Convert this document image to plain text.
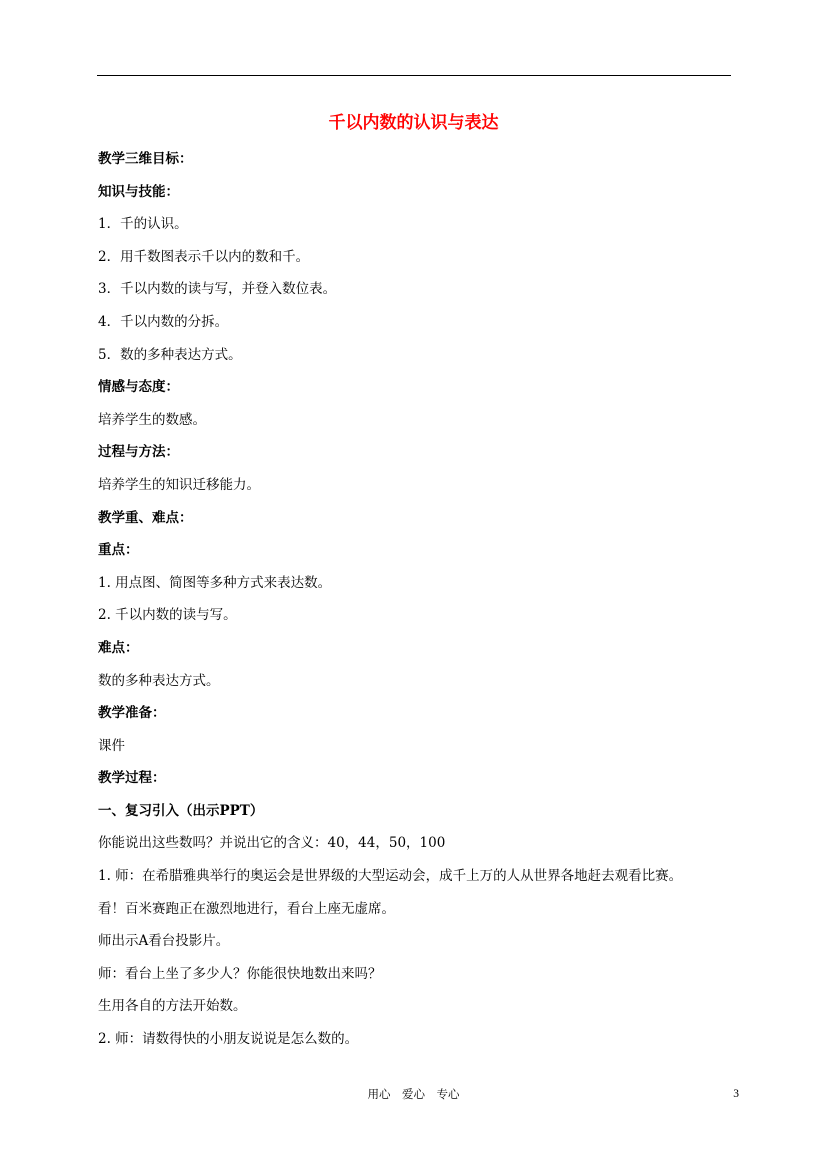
千以内数的认识与表达
教学三维目标：
知识与技能：
1．千的认识。
2．用千数图表示千以内的数和千。
3．千以内数的读与写，并登入数位表。
4．千以内数的分拆。
5．数的多种表达方式。
情感与态度：
培养学生的数感。
过程与方法：
培养学生的知识迁移能力。
教学重、难点：
重点：
1. 用点图、简图等多种方式来表达数。
2. 千以内数的读与写。
难点：
数的多种表达方式。
教学准备：
课件
教学过程：
一、复习引入（出示PPT）
你能说出这些数吗？并说出它的含义：40，44，50，100
1. 师：在希腊雅典举行的奥运会是世界级的大型运动会，成千上万的人从世界各地赶去观看比赛。
看！百米赛跑正在激烈地进行，看台上座无虚席。
师出示A看台投影片。
师：看台上坐了多少人？你能很快地数出来吗？
生用各自的方法开始数。
2. 师：请数得快的小朋友说说是怎么数的。
用心　爱心　专心	3
